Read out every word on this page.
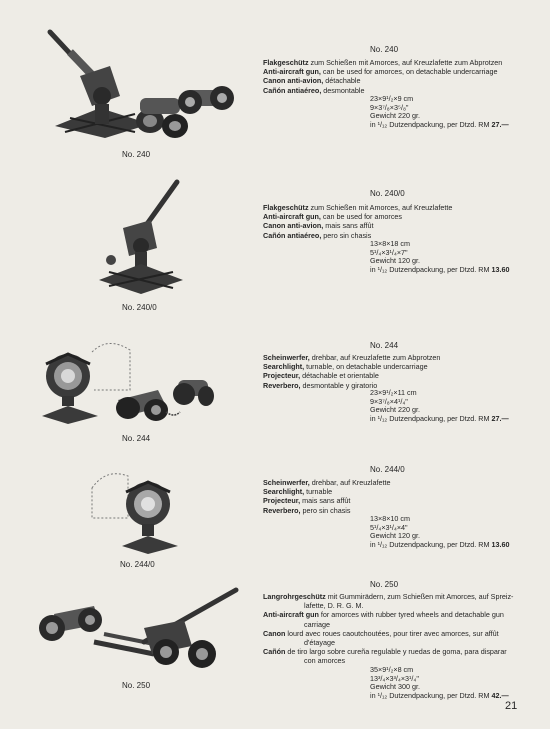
No. 240
No. 240
Flakgeschütz zum Schießen mit Amorces, auf Kreuzlafette zum Abprotzen
Anti-aircraft gun, can be used for amorces, on detachable undercarriage
Canon anti-avion, détachable
Cañón antiaéreo, desmontable
23×9¹/₂×9 cm
9×3⁷/₈×3⁵/₈"
Gewicht 220 gr.
in ¹/₁₂ Dutzendpackung, per Dtzd. RM 27.—
No. 240/0
No. 240/0
Flakgeschütz zum Schießen mit Amorces, auf Kreuzlafette
Anti-aircraft gun, can be used for amorces
Canon anti-avion, mais sans affût
Cañón antiaéreo, pero sin chasis
13×8×18 cm
5¹/₄×3¹/₄×7"
Gewicht 120 gr.
in ¹/₁₂ Dutzendpackung, per Dtzd. RM 13.60
No. 244
No. 244
Scheinwerfer, drehbar, auf Kreuzlafette zum Abprotzen
Searchlight, turnable, on detachable undercarriage
Projecteur, détachable et orientable
Reverbero, desmontable y giratorio
23×9¹/₂×11 cm
9×3⁷/₈×4¹/₄"
Gewicht 220 gr.
in ¹/₁₂ Dutzendpackung, per Dtzd. RM 27.—
No. 244/0
No. 244/0
Scheinwerfer, drehbar, auf Kreuzlafette
Searchlight, turnable
Projecteur, mais sans affût
Reverbero, pero sin chasis
13×8×10 cm
5¹/₄×3¹/₄×4"
Gewicht 120 gr.
in ¹/₁₂ Dutzendpackung, per Dtzd. RM 13.60
No. 250
No. 250
Langrohrgeschütz mit Gummirädern, zum Schießen mit Amorces, auf Spreiz-
lafette, D. R. G. M.
Anti-aircraft gun for amorces with rubber tyred wheels and detachable gun
carriage
Canon lourd avec roues caoutchoutées, pour tirer avec amorces, sur affût
d'étayage
Cañón de tiro largo sobre cureña regulable y ruedas de goma, para disparar
con amorces
35×9¹/₂×8 cm
13³/₄×3³/₄×3¹/₄"
Gewicht 300 gr.
in ¹/₁₂ Dutzendpackung, per Dtzd. RM 42.—
21
